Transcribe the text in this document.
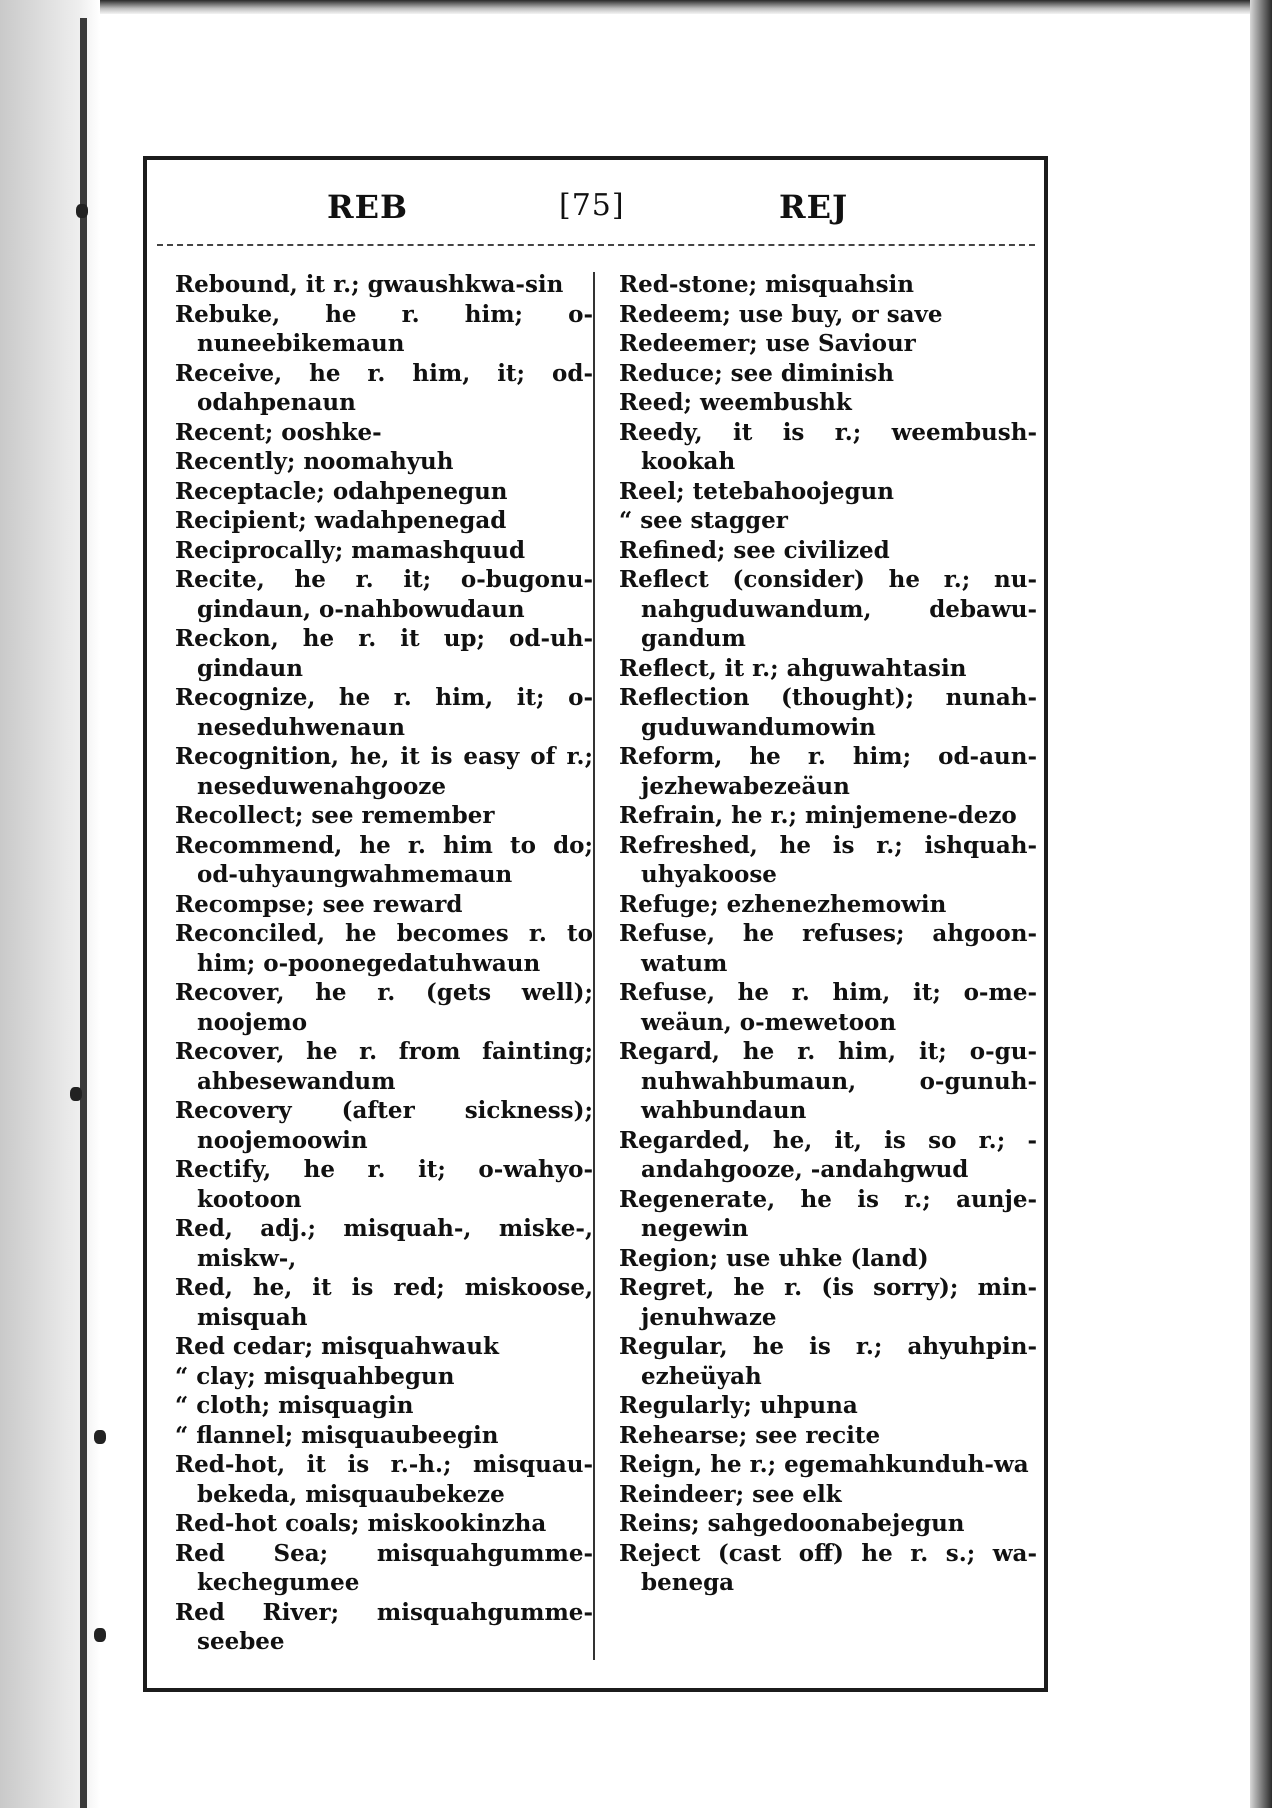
REB	[75]	REJ

Rebound, it r.; gwaushkwa-sin

Rebuke, he r. him; o-nuneebikemaun

Receive, he r. him, it; od-odahpenaun

Recent; ooshke-

Recently; noomahyuh

Receptacle; odahpenegun

Recipient; wadahpenegad

Reciprocally; mamashquud

Recite, he r. it; o-bugonu-gindaun, o-nahbowudaun

Reckon, he r. it up; od-uh-gindaun

Recognize, he r. him, it; o-neseduhwenaun

Recognition, he, it is easy of r.; neseduwenahgooze

Recollect; see remember

Recommend, he r. him to do; od-uhyaungwahmemaun

Recompse; see reward

Reconciled, he becomes r. to him; o-poonegedatuhwaun

Recover, he r. (gets well); noojemo

Recover, he r. from fainting; ahbesewandum

Recovery (after sickness); noojemoowin

Rectify, he r. it; o-wahyo-kootoon

Red, adj.; misquah-, miske-, miskw-,

Red, he, it is red; miskoose, misquah

Red cedar; misquahwauk

“ clay; misquahbegun

“ cloth; misquagin

“ flannel; misquaubeegin

Red-hot, it is r.-h.; misquau-bekeda, misquaubekeze

Red-hot coals; miskookinzha

Red Sea; misquahgumme-kechegumee

Red River; misquahgumme-seebee

Red-stone; misquahsin

Redeem; use buy, or save

Redeemer; use Saviour

Reduce; see diminish

Reed; weembushk

Reedy, it is r.; weembush-kookah

Reel; tetebahoojegun

“ see stagger

Refined; see civilized

Reflect (consider) he r.; nu-nahguduwandum, debawu-gandum

Reflect, it r.; ahguwahtasin

Reflection (thought); nunah-guduwandumowin

Reform, he r. him; od-aun-jezhewabezeäun

Refrain, he r.; minjemene-dezo

Refreshed, he is r.; ishquah-uhyakoose

Refuge; ezhenezhemowin

Refuse, he refuses; ahgoon-watum

Refuse, he r. him, it; o-me-weäun, o-mewetoon

Regard, he r. him, it; o-gu-nuhwahbumaun, o-gunuh-wahbundaun

Regarded, he, it, is so r.; -andahgooze, -andahgwud

Regenerate, he is r.; aunje-negewin

Region; use uhke (land)

Regret, he r. (is sorry); min-jenuhwaze

Regular, he is r.; ahyuhpin-ezheüyah

Regularly; uhpuna

Rehearse; see recite

Reign, he r.; egemahkunduh-wa

Reindeer; see elk

Reins; sahgedoonabejegun

Reject (cast off) he r. s.; wa-benega
